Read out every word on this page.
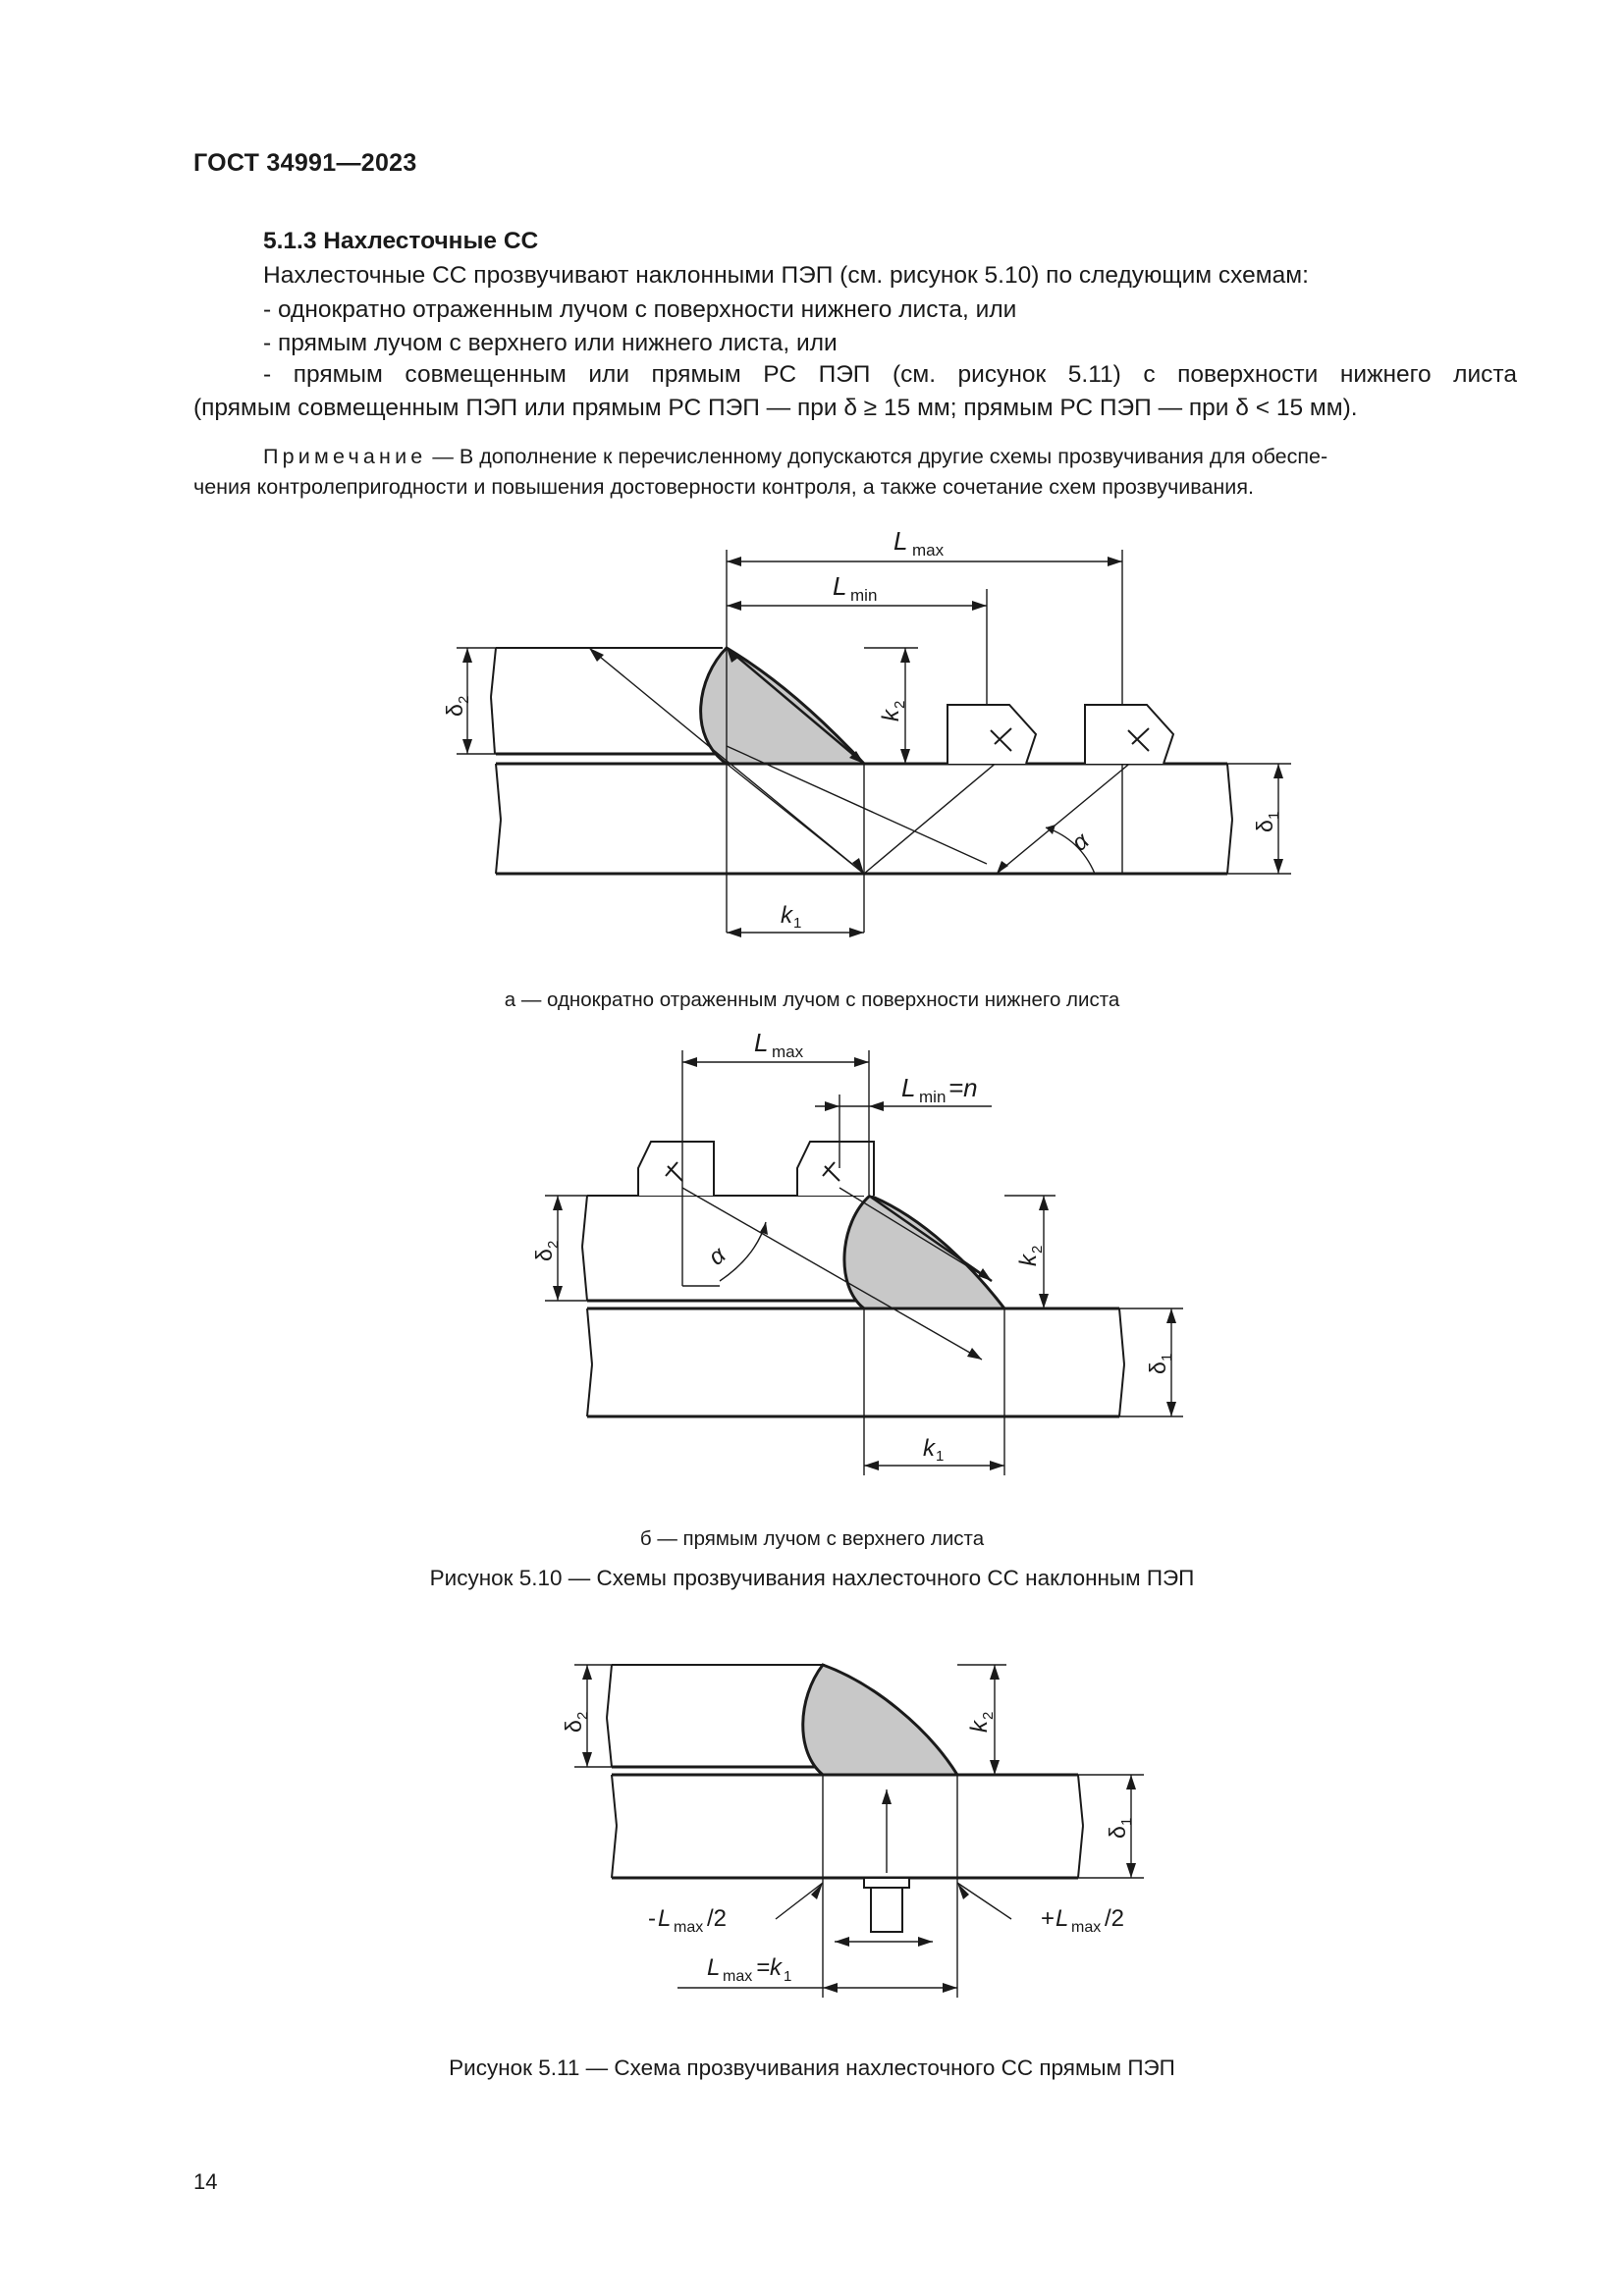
ГОСТ 34991—2023
5.1.3 Нахлесточные СС
Нахлесточные СС прозвучивают наклонными ПЭП (см. рисунок 5.10) по следующим схемам:
- однократно отраженным лучом с поверхности нижнего листа, или
- прямым лучом с верхнего или нижнего листа, или
- прямым совмещенным или прямым РС ПЭП (см. рисунок 5.11) с поверхности нижнего листа
(прямым совмещенным ПЭП или прямым РС ПЭП — при δ ≥ 15 мм; прямым РС ПЭП — при δ < 15 мм).
Примечание — В дополнение к перечисленному допускаются другие схемы прозвучивания для обеспе-
чения контролепригодности и повышения достоверности контроля, а также сочетание схем прозвучивания.
L max
L min
δ
2
δ
1
k
2
k 1
α
а — однократно отраженным лучом с поверхности нижнего листа
L max
L min =n
δ
2
δ
1
k
2
k 1
α
б — прямым лучом с верхнего листа
Рисунок 5.10 — Схемы прозвучивания нахлесточного СС наклонным ПЭП
δ
2
δ
1
k
2
- L max /2	+ L max /2
L max =k 1
Рисунок 5.11 — Схема прозвучивания нахлесточного СС прямым ПЭП
14
